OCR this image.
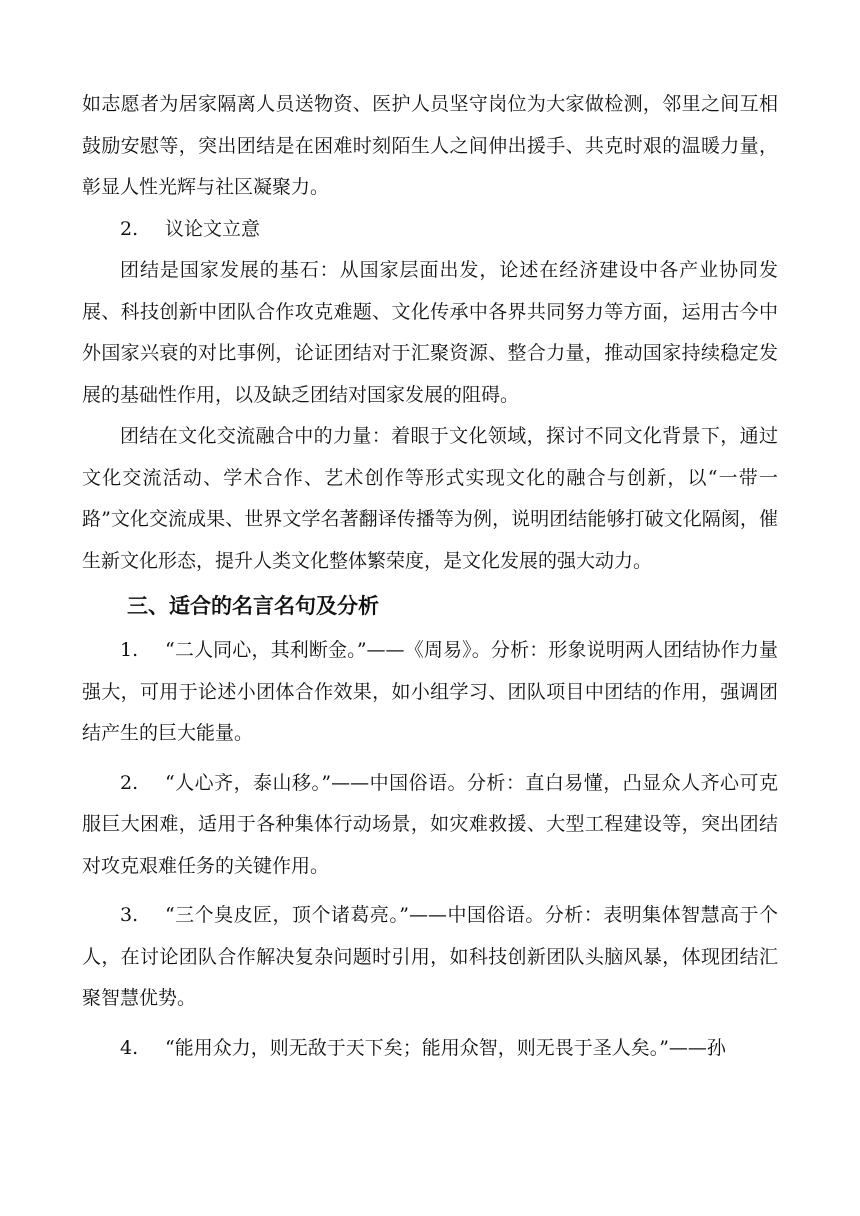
如志愿者为居家隔离人员送物资、医护人员坚守岗位为大家做检测，邻里之间互相鼓励安慰等，突出团结是在困难时刻陌生人之间伸出援手、共克时艰的温暖力量，彰显人性光辉与社区凝聚力。

2. 议论文立意

团结是国家发展的基石：从国家层面出发，论述在经济建设中各产业协同发展、科技创新中团队合作攻克难题、文化传承中各界共同努力等方面，运用古今中外国家兴衰的对比事例，论证团结对于汇聚资源、整合力量，推动国家持续稳定发展的基础性作用，以及缺乏团结对国家发展的阻碍。

团结在文化交流融合中的力量：着眼于文化领域，探讨不同文化背景下，通过文化交流活动、学术合作、艺术创作等形式实现文化的融合与创新，以“一带一路”文化交流成果、世界文学名著翻译传播等为例，说明团结能够打破文化隔阂，催生新文化形态，提升人类文化整体繁荣度，是文化发展的强大动力。

三、适合的名言名句及分析

1. “二人同心，其利断金。”——《周易》。分析：形象说明两人团结协作力量强大，可用于论述小团体合作效果，如小组学习、团队项目中团结的作用，强调团结产生的巨大能量。

2. “人心齐，泰山移。”——中国俗语。分析：直白易懂，凸显众人齐心可克服巨大困难，适用于各种集体行动场景，如灾难救援、大型工程建设等，突出团结对攻克艰难任务的关键作用。

3. “三个臭皮匠，顶个诸葛亮。”——中国俗语。分析：表明集体智慧高于个人，在讨论团队合作解决复杂问题时引用，如科技创新团队头脑风暴，体现团结汇聚智慧优势。

4. “能用众力，则无敌于天下矣；能用众智，则无畏于圣人矣。”——孙
